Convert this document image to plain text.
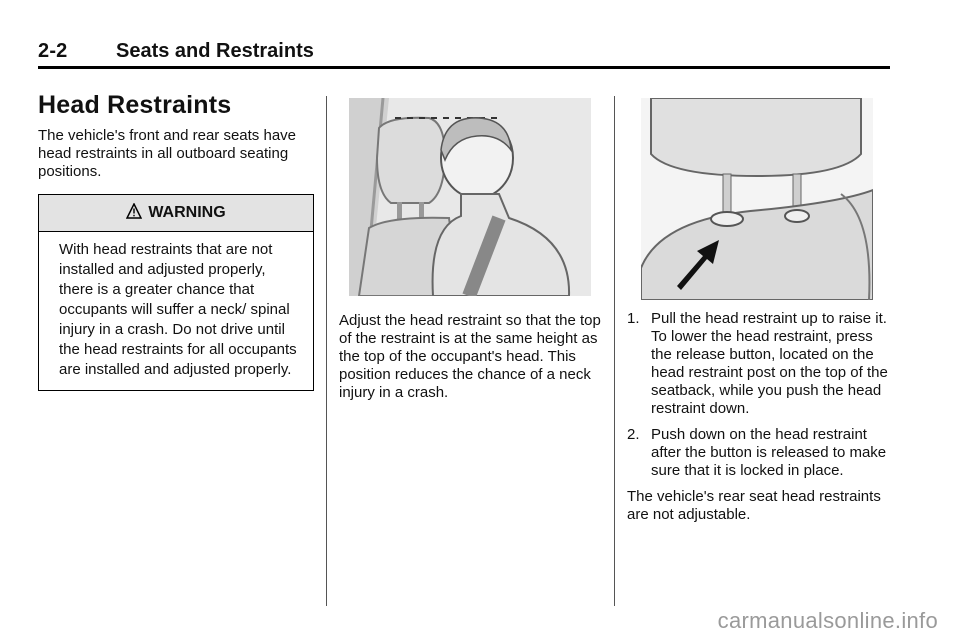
2-2 Seats and Restraints
Head Restraints

The vehicle's front and rear seats have head restraints in all outboard seating positions.

WARNING
With head restraints that are not installed and adjusted properly, there is a greater chance that occupants will suffer a neck/ spinal injury in a crash. Do not drive until the head restraints for all occupants are installed and adjusted properly.

Adjust the head restraint so that the top of the restraint is at the same height as the top of the occupant's head. This position reduces the chance of a neck injury in a crash.

1. Pull the head restraint up to raise it. To lower the head restraint, press the release button, located on the head restraint post on the top of the seatback, while you push the head restraint down.
2. Push down on the head restraint after the button is released to make sure that it is locked in place.

The vehicle's rear seat head restraints are not adjustable.

carmanualsonline.info
